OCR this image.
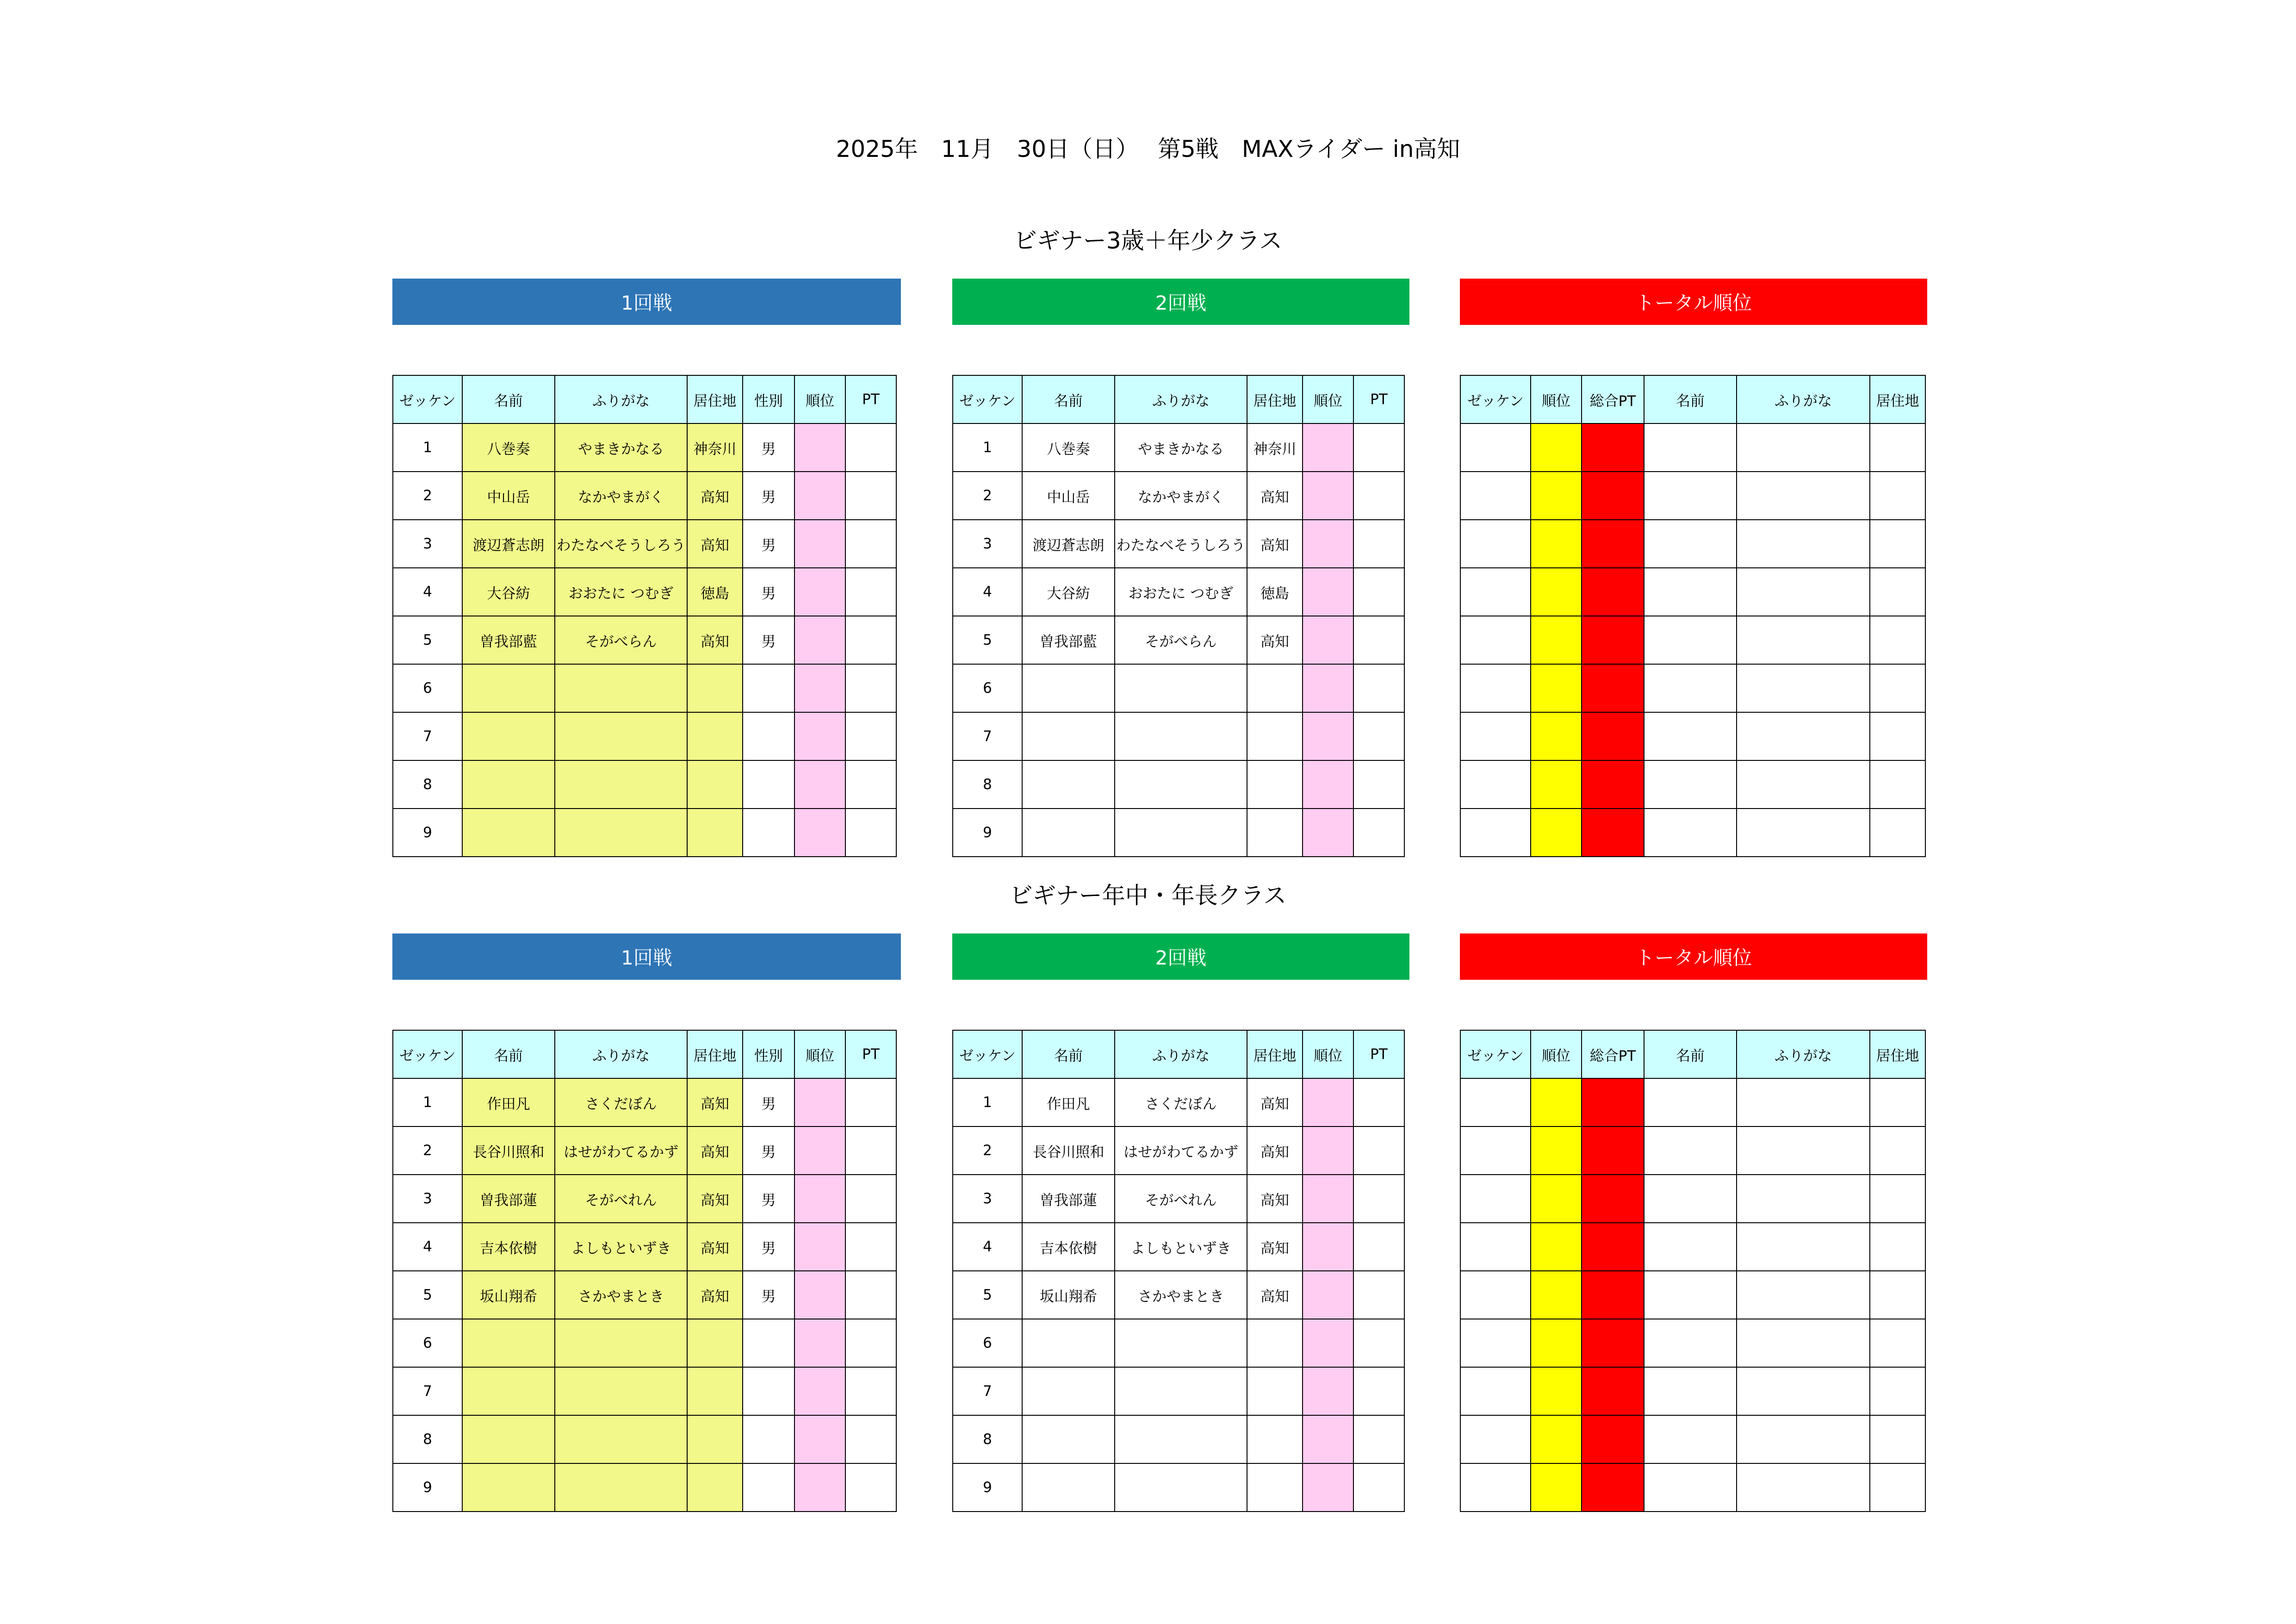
2025年　11月　30日（日）　 第5戦　MAXライダー in高知
ビギナー3歳＋年少クラス
1回戦	2回戦	トータル順位
ゼッケン	名前	ふりがな	居住地	性別	順位	PT
1	八巻奏	やまきかなる	神奈川	男		
2	中山岳	なかやまがく	高知	男		
3	渡辺蒼志朗	わたなべそうしろう	高知	男		
4	大谷紡	おおたに つむぎ	徳島	男		
5	曽我部藍	そがべらん	高知	男		
6						
7						
8						
9						
ゼッケン	名前	ふりがな	居住地	順位	PT
1	八巻奏	やまきかなる	神奈川		
2	中山岳	なかやまがく	高知		
3	渡辺蒼志朗	わたなべそうしろう	高知		
4	大谷紡	おおたに つむぎ	徳島		
5	曽我部藍	そがべらん	高知		
6					
7					
8					
9					
ゼッケン	順位	総合PT	名前	ふりがな	居住地

ビギナー年中・年長クラス
1回戦	2回戦	トータル順位
ゼッケン	名前	ふりがな	居住地	性別	順位	PT
1	作田凡	さくだぼん	高知	男		
2	長谷川照和	はせがわてるかず	高知	男		
3	曽我部蓮	そがべれん	高知	男		
4	吉本依樹	よしもといずき	高知	男		
5	坂山翔希	さかやまとき	高知	男		
6						
7						
8						
9						
ゼッケン	名前	ふりがな	居住地	順位	PT
1	作田凡	さくだぼん	高知		
2	長谷川照和	はせがわてるかず	高知		
3	曽我部蓮	そがべれん	高知		
4	吉本依樹	よしもといずき	高知		
5	坂山翔希	さかやまとき	高知		
6					
7					
8					
9					
ゼッケン	順位	総合PT	名前	ふりがな	居住地
